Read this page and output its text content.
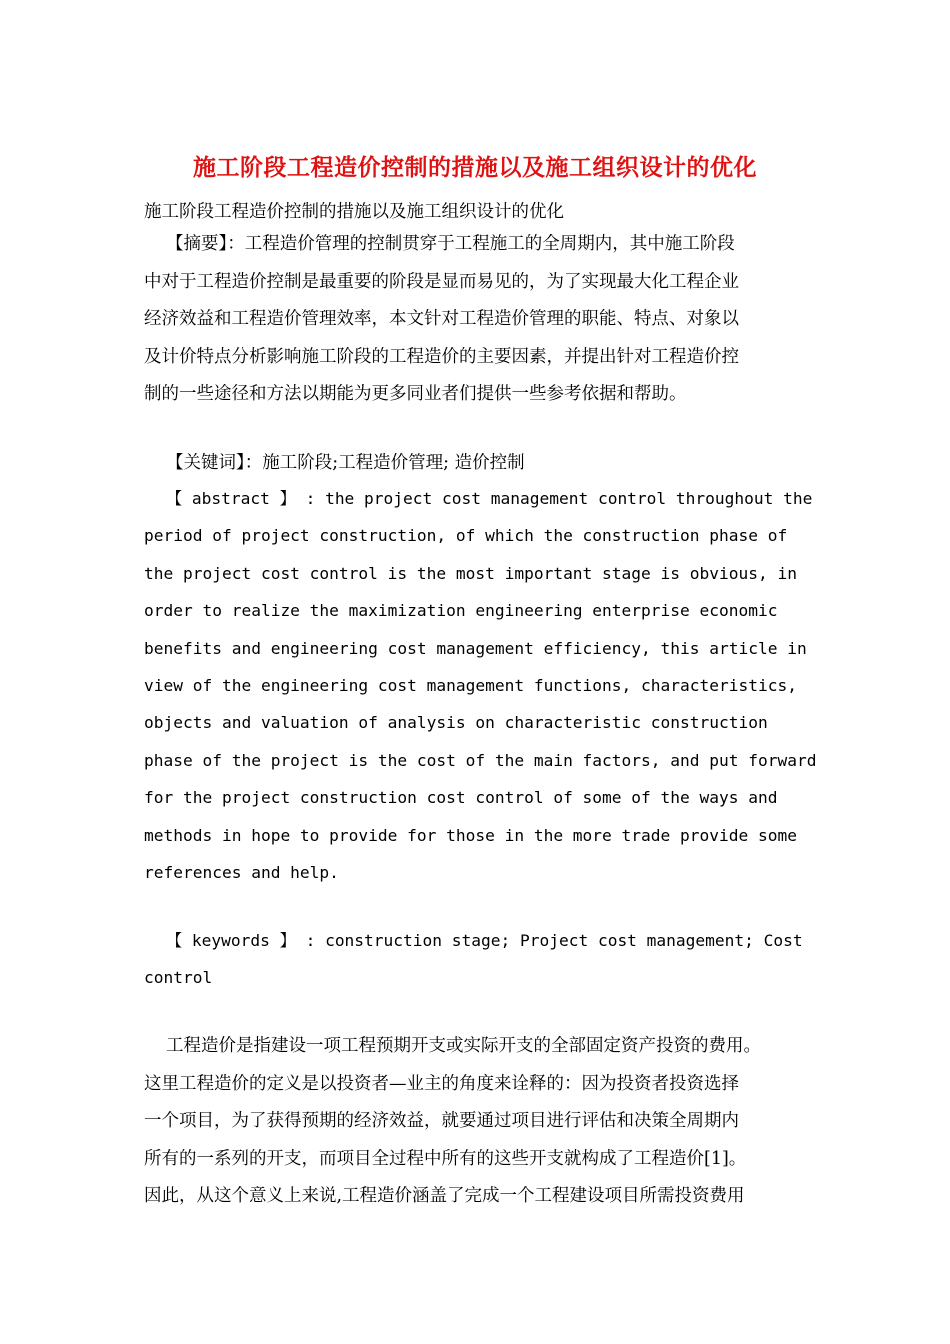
施工阶段工程造价控制的措施以及施工组织设计的优化
施工阶段工程造价控制的措施以及施工组织设计的优化
【摘要】：工程造价管理的控制贯穿于工程施工的全周期内，其中施工阶段
中对于工程造价控制是最重要的阶段是显而易见的，为了实现最大化工程企业
经济效益和工程造价管理效率，本文针对工程造价管理的职能、特点、对象以
及计价特点分析影响施工阶段的工程造价的主要因素，并提出针对工程造价控
制的一些途径和方法以期能为更多同业者们提供一些参考依据和帮助。
【关键词】：施工阶段;工程造价管理; 造价控制
【 abstract 】 : the project cost management control throughout the
period of project construction, of which the construction phase of
the project cost control is the most important stage is obvious, in
order to realize the maximization engineering enterprise economic
benefits and engineering cost management efficiency, this article in
view of the engineering cost management functions, characteristics,
objects and valuation of analysis on characteristic construction
phase of the project is the cost of the main factors, and put forward
for the project construction cost control of some of the ways and
methods in hope to provide for those in the more trade provide some
references and help.
【 keywords 】 : construction stage; Project cost management; Cost
control
工程造价是指建设一项工程预期开支或实际开支的全部固定资产投资的费用。
这里工程造价的定义是以投资者—业主的角度来诠释的：因为投资者投资选择
一个项目，为了获得预期的经济效益，就要通过项目进行评估和决策全周期内
所有的一系列的开支，而项目全过程中所有的这些开支就构成了工程造价[1]。
因此，从这个意义上来说,工程造价涵盖了完成一个工程建设项目所需投资费用
